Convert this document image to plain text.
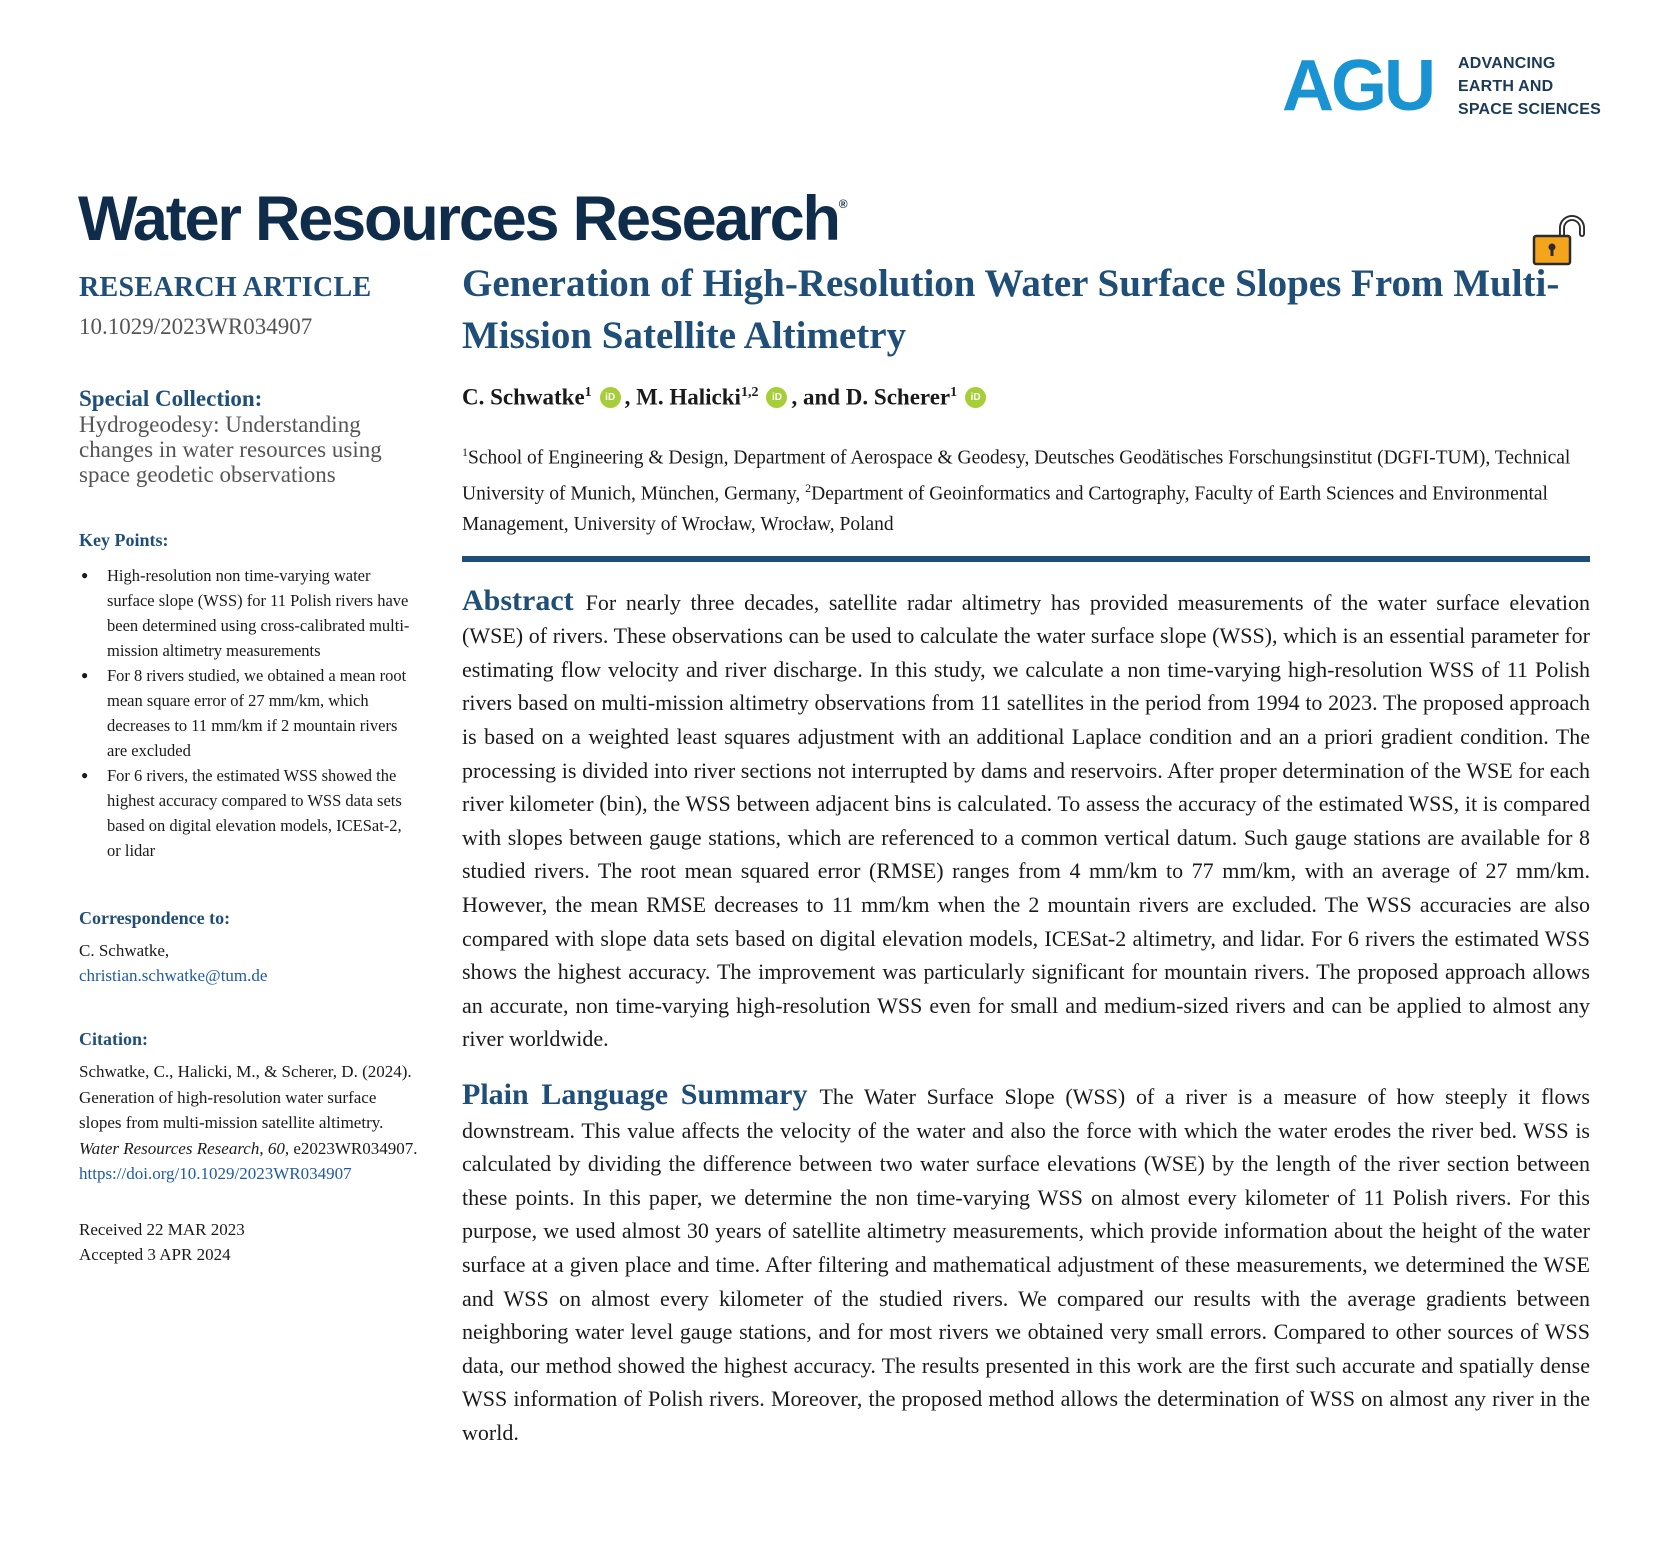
AGU ADVANCING
EARTH AND
SPACE SCIENCES
Water Resources Research®
RESEARCH ARTICLE
10.1029/2023WR034907
Special Collection:
Hydrogeodesy: Understanding changes in water resources using space geodetic observations
Key Points:
● High-resolution non time-varying water surface slope (WSS) for 11 Polish rivers have been determined using cross-calibrated multi-mission altimetry measurements
● For 8 rivers studied, we obtained a mean root mean square error of 27 mm/km, which decreases to 11 mm/km if 2 mountain rivers are excluded
● For 6 rivers, the estimated WSS showed the highest accuracy compared to WSS data sets based on digital elevation models, ICESat-2, or lidar
Correspondence to:
C. Schwatke,
christian.schwatke@tum.de
Citation:
Schwatke, C., Halicki, M., & Scherer, D. (2024). Generation of high-resolution water surface slopes from multi-mission satellite altimetry. Water Resources Research, 60, e2023WR034907. https://doi.org/10.1029/2023WR034907
Received 22 MAR 2023
Accepted 3 APR 2024
Generation of High-Resolution Water Surface Slopes From Multi-Mission Satellite Altimetry
C. Schwatke$^1$ iD , M. Halicki$^{1,2}$ iD , and D. Scherer$^1$ iD
$^1$School of Engineering & Design, Department of Aerospace & Geodesy, Deutsches Geodätisches Forschungsinstitut (DGFI-TUM), Technical University of Munich, München, Germany, $^2$Department of Geoinformatics and Cartography, Faculty of Earth Sciences and Environmental Management, University of Wrocław, Wrocław, Poland

Abstract For nearly three decades, satellite radar altimetry has provided measurements of the water surface elevation (WSE) of rivers. These observations can be used to calculate the water surface slope (WSS), which is an essential parameter for estimating flow velocity and river discharge. In this study, we calculate a non time-varying high-resolution WSS of 11 Polish rivers based on multi-mission altimetry observations from 11 satellites in the period from 1994 to 2023. The proposed approach is based on a weighted least squares adjustment with an additional Laplace condition and an a priori gradient condition. The processing is divided into river sections not interrupted by dams and reservoirs. After proper determination of the WSE for each river kilometer (bin), the WSS between adjacent bins is calculated. To assess the accuracy of the estimated WSS, it is compared with slopes between gauge stations, which are referenced to a common vertical datum. Such gauge stations are available for 8 studied rivers. The root mean squared error (RMSE) ranges from 4 mm/km to 77 mm/km, with an average of 27 mm/km. However, the mean RMSE decreases to 11 mm/km when the 2 mountain rivers are excluded. The WSS accuracies are also compared with slope data sets based on digital elevation models, ICESat-2 altimetry, and lidar. For 6 rivers the estimated WSS shows the highest accuracy. The improvement was particularly significant for mountain rivers. The proposed approach allows an accurate, non time-varying high-resolution WSS even for small and medium-sized rivers and can be applied to almost any river worldwide.

Plain Language Summary The Water Surface Slope (WSS) of a river is a measure of how steeply it flows downstream. This value affects the velocity of the water and also the force with which the water erodes the river bed. WSS is calculated by dividing the difference between two water surface elevations (WSE) by the length of the river section between these points. In this paper, we determine the non time-varying WSS on almost every kilometer of 11 Polish rivers. For this purpose, we used almost 30 years of satellite altimetry measurements, which provide information about the height of the water surface at a given place and time. After filtering and mathematical adjustment of these measurements, we determined the WSE and WSS on almost every kilometer of the studied rivers. We compared our results with the average gradients between neighboring water level gauge stations, and for most rivers we obtained very small errors. Compared to other sources of WSS data, our method showed the highest accuracy. The results presented in this work are the first such accurate and spatially dense WSS information of Polish rivers. Moreover, the proposed method allows the determination of WSS on almost any river in the world.
